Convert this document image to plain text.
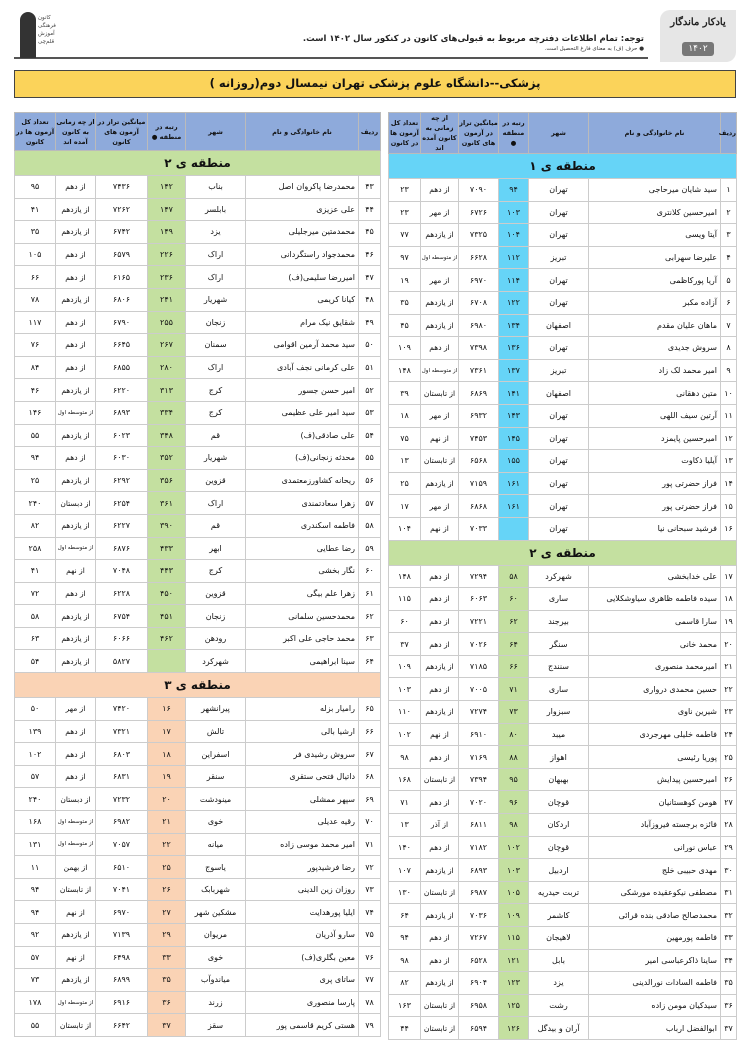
یادکار ماندگار
۱۴۰۲
توجه: تمام اطلاعات دفترچه مربوط به قبولی‌های کانون در کنکور سال ۱۴۰۲ است.
● حرف (ف) به معنای فارغ التحصیل است.
کانون
فرهنگی
آموزش
قلم‌چی
پزشکی--دانشگاه علوم پزشکی تهران نیمسال دوم(روزانه )
ردیف	نام خانوادگی و نام	شهر	رتبه در منطقه ●	میانگین تراز در آزمون های کانون	از چه زمانی به کانون آمده اند	تعداد کل آزمون ها در کانون
منطقه ی ۱						
۱	سید شایان میرحاجی	تهران	۹۴	۷۰۹۰	از دهم	۲۳
۲	امیرحسین کلانتری	تهران	۱۰۳	۶۷۲۶	از مهر	۲۳
۳	آیتا ویسی	تهران	۱۰۴	۷۳۲۵	از یازدهم	۷۷
۴	علیرضا سهرابی	تبریز	۱۱۲	۶۶۲۸	از متوسطه اول	۹۷
۵	آریا پورکاظمی	تهران	۱۱۴	۶۹۷۰	از مهر	۱۹
۶	آزاده مکبر	تهران	۱۲۲	۶۷۰۸	از یازدهم	۳۵
۷	ماهان علیان مقدم	اصفهان	۱۳۴	۶۹۸۰	از یازدهم	۴۵
۸	سروش جدیدی	تهران	۱۳۶	۷۳۹۸	از دهم	۱۰۹
۹	امیر محمد لک زاد	تبریز	۱۳۷	۷۳۶۱	از متوسطه اول	۱۴۸
۱۰	متین دهقانی	اصفهان	۱۴۱	۶۸۶۹	از تابستان	۳۹
۱۱	آرتین سیف اللهی	تهران	۱۴۳	۶۹۳۲	از مهر	۱۸
۱۲	امیرحسین پایمزد	تهران	۱۴۵	۷۴۵۳	از نهم	۷۵
۱۳	آیلیا ذکاوت	تهران	۱۵۵	۶۵۶۸	از تابستان	۱۳
۱۴	فراز حضرتی پور	تهران	۱۶۱	۷۱۵۹	از یازدهم	۲۵
۱۵	فراز حضرتی پور	تهران	۱۶۱	۶۸۶۸	از مهر	۱۷
۱۶	فرشید سبحانی نیا	تهران		۷۰۳۳	از نهم	۱۰۴
منطقه ی ۲						
۱۷	علی خدابخشی	شهرکرد	۵۸	۷۲۹۴	از دهم	۱۴۸
۱۸	سیده فاطمه ظاهری سیاوشکلایی	ساری	۶۰	۶۰۶۳	از دهم	۱۱۵
۱۹	سارا قاسمی	بیرجند	۶۲	۷۲۲۱	از دهم	۶۰
۲۰	محمد خانی	سنگر	۶۴	۷۰۲۶	از دهم	۳۷
۲۱	امیرمحمد منصوری	سنندج	۶۶	۷۱۸۵	از یازدهم	۱۰۹
۲۲	حسین محمدی درواری	ساری	۷۱	۷۰۰۵	از دهم	۱۰۳
۲۳	شیرین ناوی	سبزوار	۷۳	۷۲۷۴	از یازدهم	۱۱۰
۲۴	فاطمه خلیلی مهرجردی	میبد	۸۰	۶۹۱۰	از نهم	۱۰۲
۲۵	پوریا رئیسی	اهواز	۸۸	۷۱۶۹	از دهم	۹۸
۲۶	امیرحسین پیدایش	بهبهان	۹۵	۷۳۹۴	از تابستان	۱۶۸
۲۷	هومن کوهستانیان	قوچان	۹۶	۷۰۲۰	از دهم	۷۱
۲۸	فائزه برجسته فیروزآباد	اردکان	۹۸	۶۸۱۱	از آذر	۱۳
۲۹	عباس نورانی	قوچان	۱۰۲	۷۱۸۲	از دهم	۱۴۰
۳۰	مهدی حبیبی خلج	اردبیل	۱۰۳	۶۸۹۳	از یازدهم	۱۰۷
۳۱	مصطفی نیکوعقیده مورشکی	تربت حیدریه	۱۰۵	۶۹۸۷	از تابستان	۱۳۰
۳۲	محمدصالح صادقی بنده قرائی	کاشمر	۱۰۹	۷۰۳۶	از یازدهم	۶۴
۳۳	فاطمه پورمهین	لاهیجان	۱۱۵	۷۲۶۷	از دهم	۹۴
۳۴	ساینا ذاکرعباسی امیر	بابل	۱۲۱	۶۵۲۸	از دهم	۹۸
۳۵	فاطمه السادات نورالدینی	یزد	۱۲۳	۶۹۰۴	از یازدهم	۸۲
۳۶	سیدکیان مومن زاده	رشت	۱۲۵	۶۹۵۸	از تابستان	۱۶۳
۳۷	ابوالفضل ارباب	آران و بیدگل	۱۲۶	۶۵۹۴	از تابستان	۴۴
ردیف	نام خانوادگی و نام	شهر	رتبه در منطقه ●	میانگین تراز در آزمون های کانون	از چه زمانی به کانون آمده اند	تعداد کل آزمون ها در کانون
منطقه ی ۲						
۴۳	محمدرضا پاکروان اصل	بناب	۱۴۲	۷۴۳۶	از دهم	۹۵
۴۴	علی عزیزی	بابلسر	۱۴۷	۷۲۶۲	از یازدهم	۴۱
۴۵	محمدمتین میرجلیلی	یزد	۱۴۹	۶۷۴۲	از یازدهم	۳۵
۴۶	محمدجواد راستگردانی	اراک	۲۲۶	۶۵۷۹	از دهم	۱۰۵
۴۷	امیررضا سلیمی(ف)	اراک	۲۳۶	۶۱۶۵	از دهم	۶۶
۴۸	کیانا کریمی	شهریار	۲۴۱	۶۸۰۶	از یازدهم	۷۸
۴۹	شقایق نیک مرام	زنجان	۲۵۵	۶۷۹۰	از دهم	۱۱۷
۵۰	سید محمد آرمین اقوامی	سمنان	۲۶۷	۶۶۴۵	از دهم	۷۶
۵۱	علی کرمانی نجف آبادی	اراک	۲۸۰	۶۸۵۵	از دهم	۸۴
۵۲	امیر حسن جسور	کرج	۳۱۳	۶۲۲۰	از یازدهم	۴۶
۵۳	سید امیر علی عظیمی	کرج	۳۳۴	۶۸۹۳	از متوسطه اول	۱۴۶
۵۴	علی صادقی(ف)	قم	۳۴۸	۶۰۲۳	از یازدهم	۵۵
۵۵	محدثه زنجانی(ف)	شهریار	۳۵۲	۶۰۳۰	از دهم	۹۴
۵۶	ریحانه کشاورزمعتمدی	قزوین	۳۵۶	۶۲۹۲	از یازدهم	۲۵
۵۷	زهرا سعادتمندی	اراک	۳۶۱	۶۲۵۴	از دبستان	۲۴۰
۵۸	فاطمه اسکندری	قم	۳۹۰	۶۲۲۷	از یازدهم	۸۲
۵۹	رضا عطایی	ابهر	۴۳۳	۶۸۷۶	از متوسطه اول	۲۵۸
۶۰	نگار بخشی	کرج	۴۴۳	۷۰۴۸	از نهم	۴۱
۶۱	زهرا علم بیگی	قزوین	۴۵۰	۶۲۲۸	از دهم	۷۲
۶۲	محمدحسین سلمانی	زنجان	۴۵۱	۶۷۵۴	از یازدهم	۵۸
۶۳	محمد حاجی علی اکبر	رودهن	۴۶۲	۶۰۶۶	از یازدهم	۶۳
۶۴	سینا ابراهیمی	شهرکرد		۵۸۲۷	از یازدهم	۵۴
منطقه ی ۳						
۶۵	رامیار بزله	پیرانشهر	۱۶	۷۴۲۰	از مهر	۵۰
۶۶	ارشیا بالی	تالش	۱۷	۷۳۲۱	از دهم	۱۳۹
۶۷	سروش رشیدی فر	اسفراین	۱۸	۶۸۰۳	از دهم	۱۰۲
۶۸	داتیال فتحی ستقری	سنقر	۱۹	۶۸۳۱	از دهم	۵۷
۶۹	سپهر ممشلی	مینودشت	۲۰	۷۲۳۲	از دبستان	۲۴۰
۷۰	رقیه عدیلی	خوی	۲۱	۶۹۸۲	از متوسطه اول	۱۶۸
۷۱	امیر محمد موسی زاده	میانه	۲۲	۷۰۵۷	از متوسطه اول	۱۳۱
۷۲	رضا فرشیدپور	یاسوج	۲۵	۶۵۱۰	از بهمن	۱۱
۷۳	روزان زین الدینی	شهربابک	۲۶	۷۰۴۱	از تابستان	۹۴
۷۴	ایلیا پورهدایت	مشکین شهر	۲۷	۶۹۷۰	از نهم	۹۴
۷۵	سارو آذریان	مریوان	۲۹	۷۱۳۹	از یازدهم	۹۲
۷۶	معین بگلری(ف)	خوی	۳۳	۶۴۹۸	از نهم	۵۷
۷۷	ساتای پری	میاندوآب	۳۵	۶۸۹۹	از یازدهم	۷۳
۷۸	پارسا منصوری	زرند	۳۶	۶۹۱۶	از متوسطه اول	۱۷۸
۷۹	هستی کریم قاسمی پور	سقز	۳۷	۶۶۴۲	از تابستان	۵۵
